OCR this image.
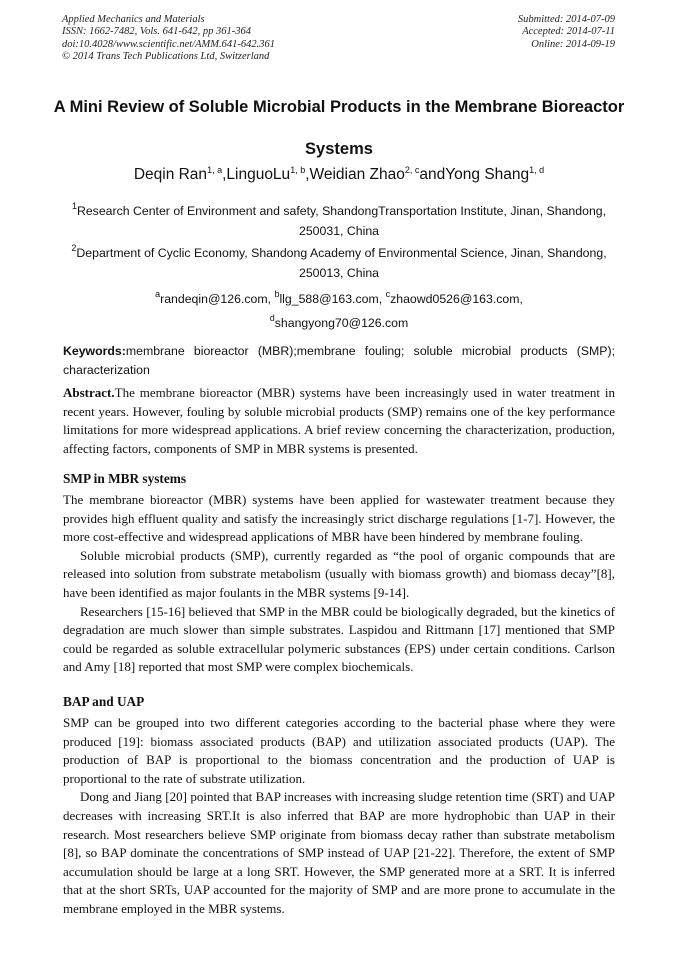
Applied Mechanics and Materials
ISSN: 1662-7482, Vols. 641-642, pp 361-364
doi:10.4028/www.scientific.net/AMM.641-642.361
© 2014 Trans Tech Publications Ltd, Switzerland
Submitted: 2014-07-09
Accepted: 2014-07-11
Online: 2014-09-19
A Mini Review of Soluble Microbial Products in the Membrane Bioreactor
Systems
Deqin Ran$^{1, a}$,LinguoLu$^{1, b}$,Weidian Zhao$^{2, c}$andYong Shang$^{1, d}$
$^1$Research Center of Environment and safety, ShandongTransportation Institute, Jinan, Shandong,
250031, China
$^2$Department of Cyclic Economy, Shandong Academy of Environmental Science, Jinan, Shandong,
250013, China
$^a$randeqin@126.com, $^b$llg_588@163.com, $^c$zhaowd0526@163.com,
$^d$shangyong70@126.com
Keywords:membrane bioreactor (MBR);membrane fouling; soluble microbial products (SMP); characterization

Abstract.The membrane bioreactor (MBR) systems have been increasingly used in water treatment in recent years. However, fouling by soluble microbial products (SMP) remains one of the key performance limitations for more widespread applications. A brief review concerning the characterization, production, affecting factors, components of SMP in MBR systems is presented.

SMP in MBR systems

The membrane bioreactor (MBR) systems have been applied for wastewater treatment because they provides high effluent quality and satisfy the increasingly strict discharge regulations [1-7]. However, the more cost-effective and widespread applications of MBR have been hindered by membrane fouling.

Soluble microbial products (SMP), currently regarded as “the pool of organic compounds that are released into solution from substrate metabolism (usually with biomass growth) and biomass decay”[8], have been identified as major foulants in the MBR systems [9-14].

Researchers [15-16] believed that SMP in the MBR could be biologically degraded, but the kinetics of degradation are much slower than simple substrates. Laspidou and Rittmann [17] mentioned that SMP could be regarded as soluble extracellular polymeric substances (EPS) under certain conditions. Carlson and Amy [18] reported that most SMP were complex biochemicals.

BAP and UAP

SMP can be grouped into two different categories according to the bacterial phase where they were produced [19]: biomass associated products (BAP) and utilization associated products (UAP). The production of BAP is proportional to the biomass concentration and the production of UAP is proportional to the rate of substrate utilization.

Dong and Jiang [20] pointed that BAP increases with increasing sludge retention time (SRT) and UAP decreases with increasing SRT.It is also inferred that BAP are more hydrophobic than UAP in their research. Most researchers believe SMP originate from biomass decay rather than substrate metabolism [8], so BAP dominate the concentrations of SMP instead of UAP [21-22]. Therefore, the extent of SMP accumulation should be large at a long SRT. However, the SMP generated more at a SRT. It is inferred that at the short SRTs, UAP accounted for the majority of SMP and are more prone to accumulate in the membrane employed in the MBR systems.
